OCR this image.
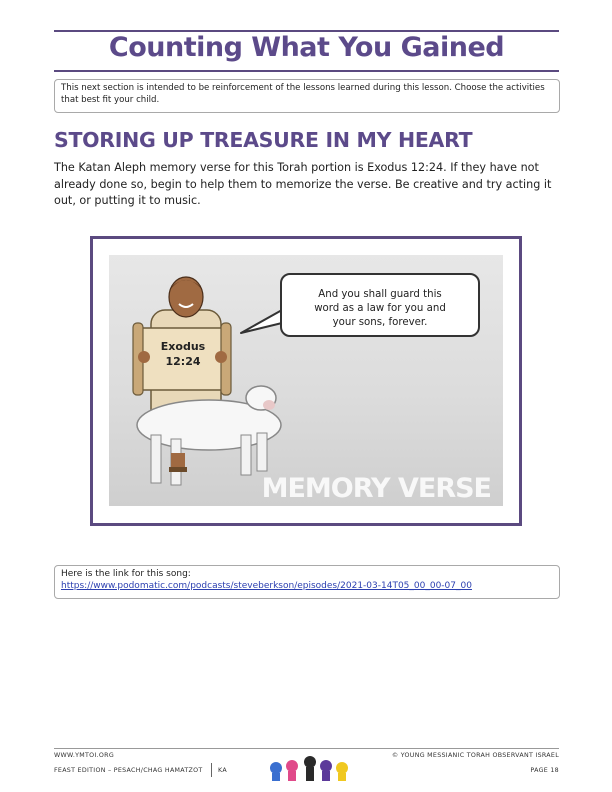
Counting What You Gained
This next section is intended to be reinforcement of the lessons learned during this lesson. Choose the activities that best fit your child.
STORING UP TREASURE IN MY HEART
The Katan Aleph memory verse for this Torah portion is Exodus 12:24. If they have not already done so, begin to help them to memorize the verse. Be creative and try acting it out, or putting it to music.
Exodus
12:24
And you shall guard this
word as a law for you and
your sons, forever.
MEMORY VERSE
Here is the link for this song:
https://www.podomatic.com/podcasts/steveberkson/episodes/2021-03-14T05_00_00-07_00
WWW.YMTOI.ORG
FEAST EDITION – PESACH/CHAG HAMATZOT KA
© YOUNG MESSIANIC TORAH OBSERVANT ISRAEL
PAGE 18
